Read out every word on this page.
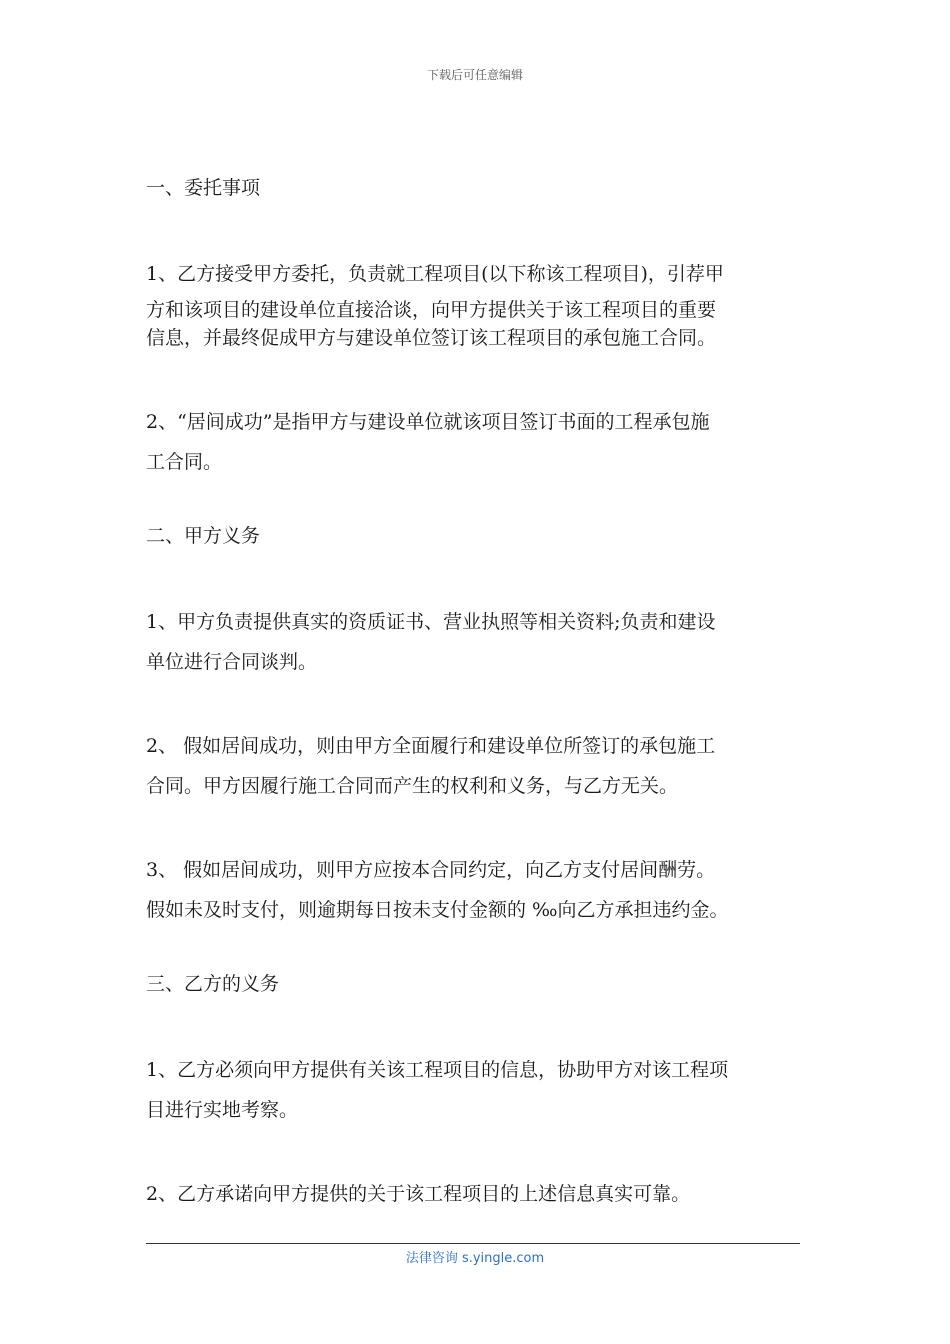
下载后可任意编辑

一、委托事项

1、乙方接受甲方委托，负责就工程项目(以下称该工程项目)，引荐甲

方和该项目的建设单位直接洽谈，向甲方提供关于该工程项目的重要

信息，并最终促成甲方与建设单位签订该工程项目的承包施工合同。

2、“居间成功”是指甲方与建设单位就该项目签订书面的工程承包施

工合同。

二、甲方义务

1、甲方负责提供真实的资质证书、营业执照等相关资料;负责和建设

单位进行合同谈判。

2、 假如居间成功，则由甲方全面履行和建设单位所签订的承包施工

合同。甲方因履行施工合同而产生的权利和义务，与乙方无关。

3、 假如居间成功，则甲方应按本合同约定，向乙方支付居间酬劳。

假如未及时支付，则逾期每日按未支付金额的 ‰向乙方承担违约金。

三、乙方的义务

1、乙方必须向甲方提供有关该工程项目的信息，协助甲方对该工程项

目进行实地考察。

2、乙方承诺向甲方提供的关于该工程项目的上述信息真实可靠。

法律咨询 s.yingle.com
